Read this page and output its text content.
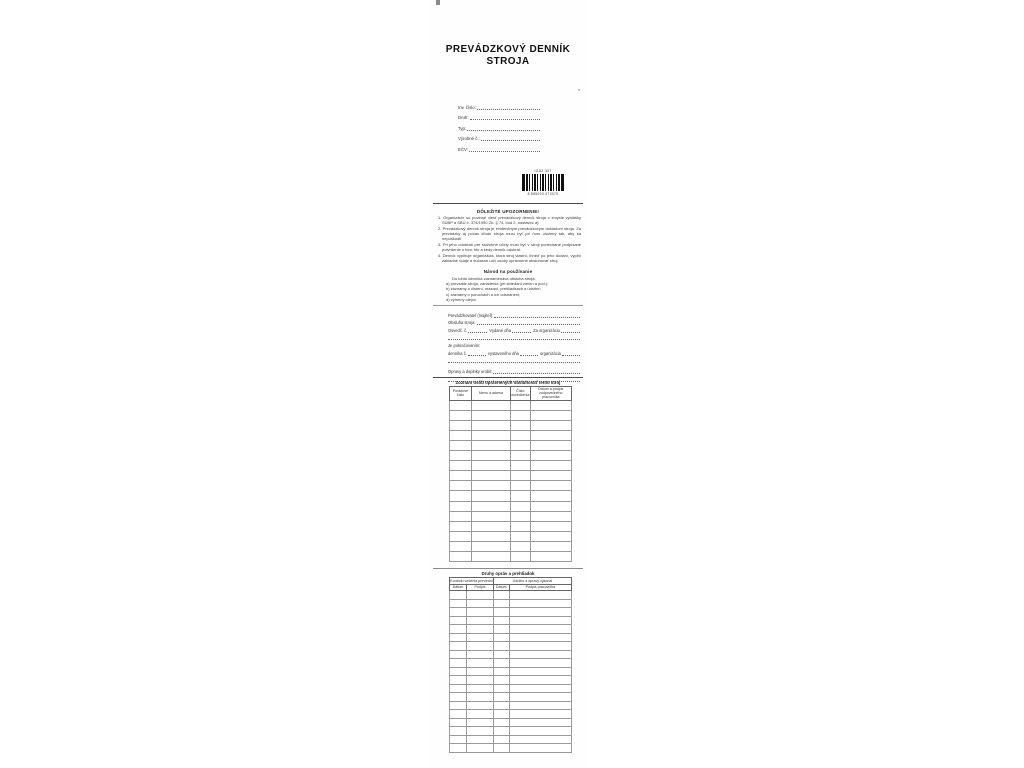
PREVÁDZKOVÝ DENNÍK
STROJA
Inv. číslo:
Druh:
Typ:
Výrobné č.:
EČV:
IGAZ 307
8 585003 073075
DÔLEŽITÉ UPOZORNENIE!
1. Organizácie sú povinné viesť prevádzkový denník stroja v zmysle vyhlášky SÚBP a SBÚ č. 374/1990 Zb. § 74, bod 2, odstavec a).
2. Prevádzkový denník stroja je evidenčným prevádzkovým dokladom stroja. Za prevádzky aj počas kľudu stroja musí byť pri ňom uložený tak, aby sa nepoškodil.
3. Pri jeho odobratí pre služobné účely musí byť v stroji ponechané podpísané potvrdenie o tom, kto a kedy denník odobral.
4. Denník vyplňuje organizácia, ktorá stroj vlastní, ihneď po jeho dodaní, vyplní základné údaje a súčasne určí osoby oprávnené obsluhovať stroj.
Návod na používanie
Do tohto denníka zaznamenáva obsluha stroja:
a) prevzatie stroja, zariadenia (pri striedaní zmien a pod.);
b) záznamy o čistení, mazaní, prehliadkach a údržbe;
c) záznamy o poruchách a ich odstránení;
d) výmeny olejov.
Prevádzkovateľ (majiteľ):
Obsluha stroja:
Osvedč. č.	Vydané dňa	Za organizáciu
Je pokračovaním:
denníka č.	vystaveného dňa	organizácia
Opravy a doplnky urobil:
Zoznam osôb oprávnených obsluhovať tento stroj
Poradové číslo	Meno a adresa	Číslo osvedčenia	Dátum a podpis zodpovedného pracovníka

Druhy opráv a prehliadok
Kontrolu vedenia previedol		Údržbu a opravy vykonal	
Dátum	Podpis	Dátum	Podpis pracovníka
